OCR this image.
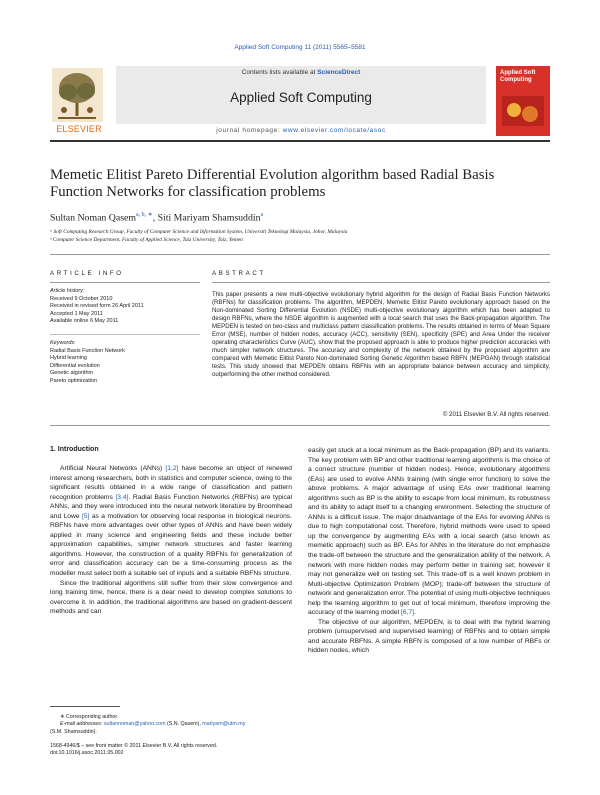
Applied Soft Computing 11 (2011) 5565–5581
ELSEVIER
Contents lists available at ScienceDirect
Applied Soft Computing
journal homepage: www.elsevier.com/locate/asoc
Applied Soft Computing
Memetic Elitist Pareto Differential Evolution algorithm based Radial Basis Function Networks for classification problems
Sultan Noman Qasem$^{a, b, ∗}$, Siti Mariyam Shamsuddin$^a$
ᵃ Soft Computing Research Group, Faculty of Computer Science and Information System, Universiti Teknologi Malaysia, Johor, Malaysia
ᵇ Computer Science Department, Faculty of Applied Science, Taiz University, Taiz, Yemen
ARTICLE INFO	ABSTRACT
Article history:
Received 9 October 2010
Received in revised form 26 April 2011
Accepted 1 May 2011
Available online 6 May 2011
Keywords:
Radial Basis Function Network
Hybrid learning
Differential evolution
Genetic algorithm
Pareto optimization
This paper presents a new multi-objective evolutionary hybrid algorithm for the design of Radial Basis Function Networks (RBFNs) for classification problems. The algorithm, MEPDEN, Memetic Elitist Pareto evolutionary approach based on the Non-dominated Sorting Differential Evolution (NSDE) multi-objective evolutionary algorithm which has been adapted to design RBFNs, where the NSDE algorithm is augmented with a local search that uses the Back-propagation algorithm. The MEPDEN is tested on two-class and multiclass pattern classification problems. The results obtained in terms of Mean Square Error (MSE), number of hidden nodes, accuracy (ACC), sensitivity (SEN), specificity (SPE) and Area Under the receiver operating characteristics Curve (AUC), show that the proposed approach is able to produce higher prediction accuracies with much simpler network structures. The accuracy and complexity of the network obtained by the proposed algorithm are compared with Memetic Elitist Pareto Non-dominated Sorting Genetic Algorithm based RBFN (MEPGAN) through statistical tests. This study showed that MEPDEN obtains RBFNs with an appropriate balance between accuracy and simplicity, outperforming the other method considered.
© 2011 Elsevier B.V. All rights reserved.
1. Introduction

Artificial Neural Networks (ANNs) [1,2] have become an object of renewed interest among researchers, both in statistics and computer science, owing to the significant results obtained in a wide range of classification and pattern recognition problems [3,4]. Radial Basis Function Networks (RBFNs) are typical ANNs, and they were introduced into the neural network literature by Broomhead and Lowe [5] as a motivation for observing local response in biological neurons. RBFNs have more advantages over other types of ANNs and have been widely applied in many science and engineering fields and these include better approximation capabilities, simpler network structures and faster learning algorithms. However, the construction of a quality RBFNs for generalization of error and classification accuracy can be a time-consuming process as the modeller must select both a suitable set of inputs and a suitable RBFNs structure.

Since the traditional algorithms still suffer from their slow convergence and long training time, hence, there is a dear need to develop complex solutions to overcome it. In addition, the traditional algorithms are based on gradient-descent methods and can

easily get stuck at a local minimum as the Back-propagation (BP) and its variants. The key problem with BP and other traditional learning algorithms is the choice of a correct structure (number of hidden nodes). Hence, evolutionary algorithms (EAs) are used to evolve ANNs training (with single error function) to solve the above problems. A major advantage of using EAs over traditional learning algorithms such as BP is the ability to escape from local minimum, its robustness and its ability to adapt itself to a changing environment. Selecting the structure of ANNs is a difficult issue. The major disadvantage of the EAs for evolving ANNs is due to high computational cost. Therefore, hybrid methods were used to speed up the convergence by augmenting EAs with a local search (also known as memetic approach) such as BP. EAs for ANNs in the literature do not emphasize the trade-off between the structure and the generalization ability of the network. A network with more hidden nodes may perform better in training set; however it may not generalize well on testing set. This trade-off is a well known problem in Multi-objective Optimization Problem (MOP); trade-off between the structure of network and generalization error. The potential of using multi-objective techniques help the learning algorithm to get out of local minimum, therefore improving the accuracy of the learning model [6,7].

The objective of our algorithm, MEPDEN, is to deal with the hybrid learning problem (unsupervised and supervised learning) of RBFNs and to obtain simple and accurate RBFNs. A simple RBFN is composed of a low number of RBFs or hidden nodes, which

∗ Corresponding author.
E-mail addresses: sultannoman@yahoo.com (S.N. Qasem), mariyam@utm.my
(S.M. Shamsuddin).
1568-4946/$ – see front matter © 2011 Elsevier B.V. All rights reserved.
doi:10.1016/j.asoc.2011.05.002
